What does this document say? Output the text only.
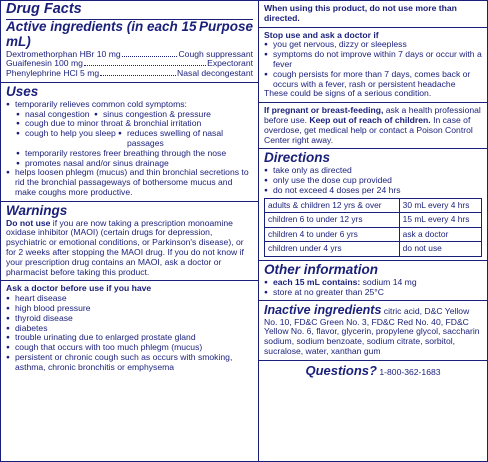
Drug Facts
Active ingredients (in each 15 mL)
Purpose
Dextromethorphan HBr 10 mg	Cough suppressant
Guaifenesin 100 mg	Expectorant
Phenylephrine HCl 5 mg	Nasal decongestant
Uses
● temporarily relieves common cold symptoms:
● nasal congestion	● sinus congestion & pressure
● cough due to minor throat & bronchial irritation
● cough to help you sleep	● reduces swelling of nasal passages
● temporarily restores freer breathing through the nose
● promotes nasal and/or sinus drainage
● helps loosen phlegm (mucus) and thin bronchial secretions to rid the bronchial passageways of bothersome mucus and make coughs more productive.
Warnings

Do not use if you are now taking a prescription monoamine oxidase inhibitor (MAOI) (certain drugs for depression, psychiatric or emotional conditions, or Parkinson's disease), or for 2 weeks after stopping the MAOI drug. If you do not know if your prescription drug contains an MAOI, ask a doctor or pharmacist before taking this product.

Ask a doctor before use if you have
● heart disease
● high blood pressure
● thyroid disease
● diabetes
● trouble urinating due to enlarged prostate gland
● cough that occurs with too much phlegm (mucus)
● persistent or chronic cough such as occurs with smoking, asthma, chronic bronchitis or emphysema
When using this product, do not use more than directed.
Stop use and ask a doctor if
● you get nervous, dizzy or sleepless
● symptoms do not improve within 7 days or occur with a fever
● cough persists for more than 7 days, comes back or occurs with a fever, rash or persistent headache

These could be signs of a serious condition.

If pregnant or breast-feeding, ask a health professional before use. Keep out of reach of children. In case of overdose, get medical help or contact a Poison Control Center right away.

Directions
● take only as directed
● only use the dose cup provided
● do not exceed 4 doses per 24 hrs
adults & children 12 yrs & over	30 mL every 4 hrs
children 6 to under 12 yrs	15 mL every 4 hrs
children 4 to under 6 yrs	ask a doctor
children under 4 yrs	do not use
Other information
● each 15 mL contains: sodium 14 mg
● store at no greater than 25°C

Inactive ingredients citric acid, D&C Yellow No. 10, FD&C Green No. 3, FD&C Red No. 40, FD&C Yellow No. 6, flavor, glycerin, propylene glycol, saccharin sodium, sodium benzoate, sodium citrate, sorbitol, sucralose, water, xanthan gum

Questions? 1-800-362-1683
